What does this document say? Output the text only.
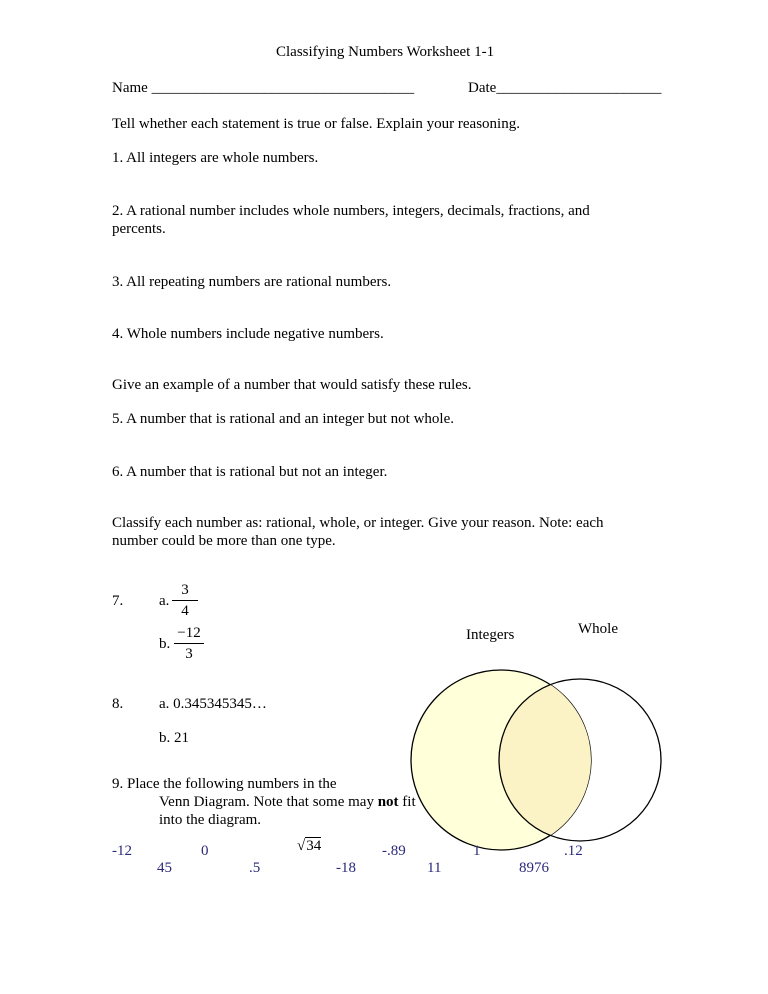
Classifying Numbers Worksheet 1-1
Name ___________________________________	Date______________________
Tell whether each statement is true or false. Explain your reasoning.
1. All integers are whole numbers.
2. A rational number includes whole numbers, integers, decimals, fractions, and
percents.
3. All repeating numbers are rational numbers.
4. Whole numbers include negative numbers.
Give an example of a number that would satisfy these rules.
5. A number that is rational and an integer but not whole.
6. A number that is rational but not an integer.
Classify each number as: rational, whole, or integer. Give your reason. Note: each
number could be more than one type.
7. a.
3
4
b.
−12
3
8. a. 0.345345345…
b. 21
9. Place the following numbers in the
Venn Diagram. Note that some may not fit
into the diagram.
Integers	Whole
-12	0
45	.5
√34	-.89
-18	11
1
8976
.12
